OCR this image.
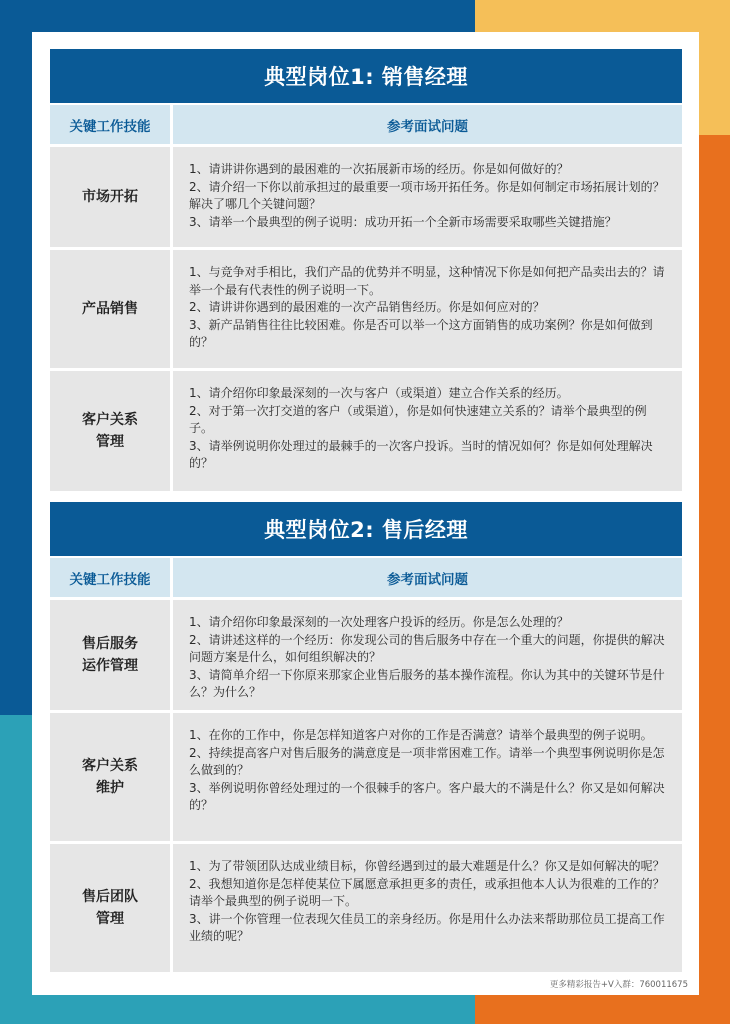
典型岗位1: 销售经理
关键工作技能	参考面试问题
市场开拓

1、请讲讲你遇到的最困难的一次拓展新市场的经历。你是如何做好的？

2、请介绍一下你以前承担过的最重要一项市场开拓任务。你是如何制定市场拓展计划的？解决了哪几个关键问题？

3、请举一个最典型的例子说明：成功开拓一个全新市场需要采取哪些关键措施？

产品销售

1、与竞争对手相比，我们产品的优势并不明显，这种情况下你是如何把产品卖出去的？请举一个最有代表性的例子说明一下。

2、请讲讲你遇到的最困难的一次产品销售经历。你是如何应对的？

3、新产品销售往往比较困难。你是否可以举一个这方面销售的成功案例？你是如何做到的？

客户关系
管理

1、请介绍你印象最深刻的一次与客户（或渠道）建立合作关系的经历。

2、对于第一次打交道的客户（或渠道），你是如何快速建立关系的？请举个最典型的例子。

3、请举例说明你处理过的最棘手的一次客户投诉。当时的情况如何？你是如何处理解决的？

典型岗位2: 售后经理
关键工作技能	参考面试问题
售后服务
运作管理

1、请介绍你印象最深刻的一次处理客户投诉的经历。你是怎么处理的？

2、请讲述这样的一个经历：你发现公司的售后服务中存在一个重大的问题，你提供的解决问题方案是什么，如何组织解决的？

3、请简单介绍一下你原来那家企业售后服务的基本操作流程。你认为其中的关键环节是什么？为什么？

客户关系
维护

1、在你的工作中，你是怎样知道客户对你的工作是否满意？请举个最典型的例子说明。

2、持续提高客户对售后服务的满意度是一项非常困难工作。请举一个典型事例说明你是怎么做到的？

3、举例说明你曾经处理过的一个很棘手的客户。客户最大的不满是什么？你又是如何解决的？

售后团队
管理

1、为了带领团队达成业绩目标，你曾经遇到过的最大难题是什么？你又是如何解决的呢？

2、我想知道你是怎样使某位下属愿意承担更多的责任，或承担他本人认为很难的工作的？请举个最典型的例子说明一下。

3、讲一个你管理一位表现欠佳员工的亲身经历。你是用什么办法来帮助那位员工提高工作业绩的呢？

更多精彩报告+V入群：760011675
